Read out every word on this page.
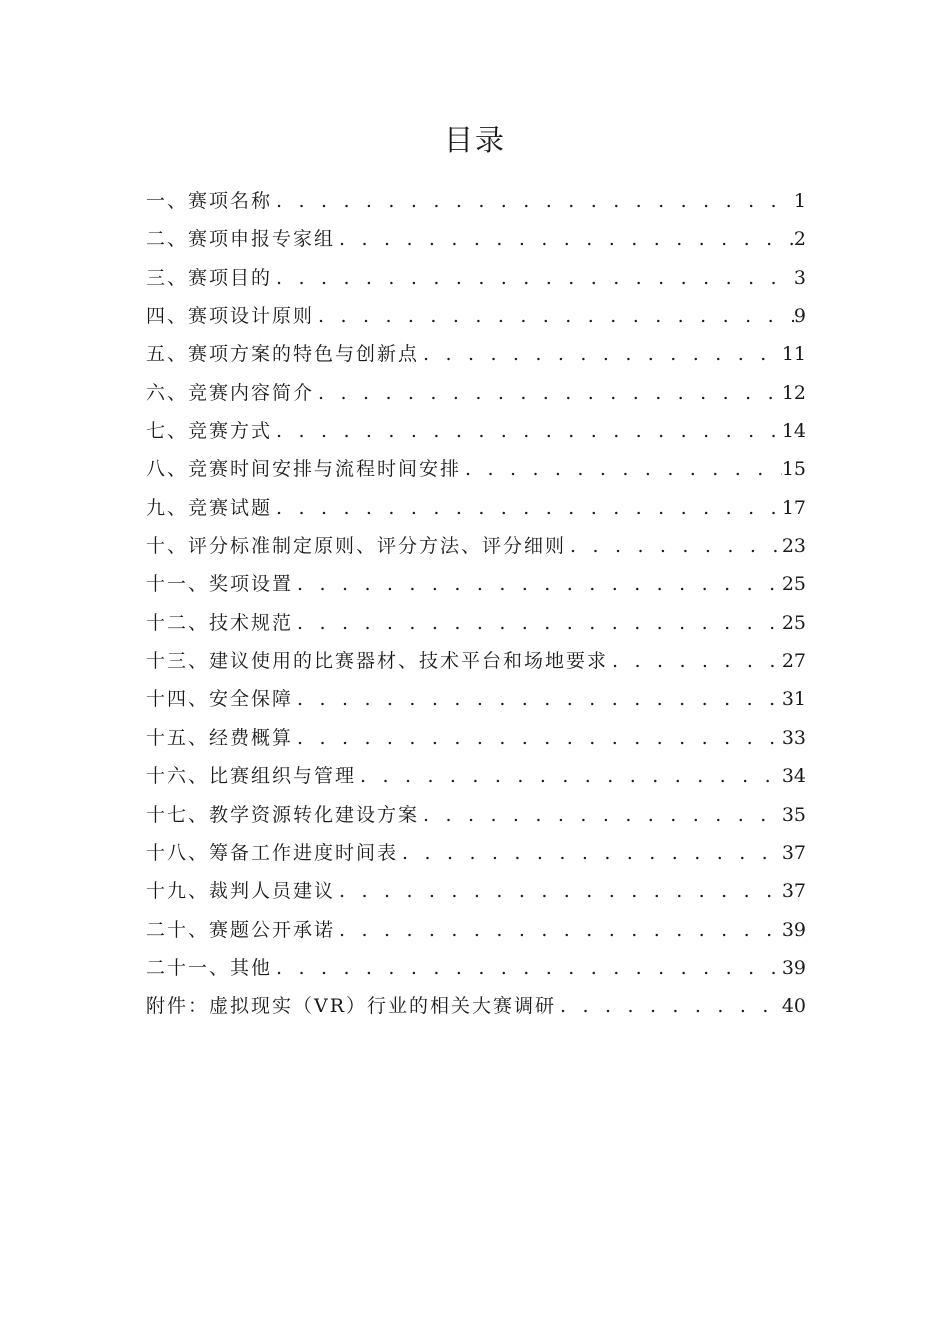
目录
一、赛项名称 . . .	1
二、赛项申报专家组 . . .	2
三、赛项目的 . . .	3
四、赛项设计原则 . . .	9
五、赛项方案的特色与创新点 . . .	11
六、竞赛内容简介 . . .	12
七、竞赛方式 . . .	14
八、竞赛时间安排与流程时间安排 . . .	15
九、竞赛试题 . . .	17
十、评分标准制定原则、评分方法、评分细则 . . .	23
十一、奖项设置 . . .	25
十二、技术规范 . . .	25
十三、建议使用的比赛器材、技术平台和场地要求 . . .	27
十四、安全保障 . . .	31
十五、经费概算 . . .	33
十六、比赛组织与管理 . . .	34
十七、教学资源转化建设方案 . . .	35
十八、筹备工作进度时间表 . . .	37
十九、裁判人员建议 . . .	37
二十、赛题公开承诺 . . .	39
二十一、其他 . . .	39
附件：虚拟现实（VR）行业的相关大赛调研 . . .	40
